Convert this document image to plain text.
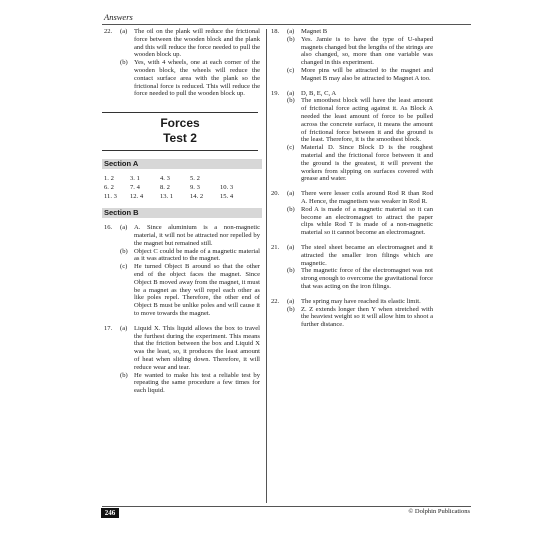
Answers
22.	(a)	The oil on the plank will reduce the frictional force between the wooden block and the plank and this will reduce the force needed to pull the wooden block up.
(b) Yes, with 4 wheels, one at each corner of the wooden block, the wheels will reduce the contact surface area with the plank so the frictional force is reduced. This will reduce the force needed to pull the wooden block up.
Forces
Test 2
Section A
1. 2	3. 1	4. 3	5. 2
6. 2	7. 4	8. 2	9. 3	10. 3
11. 3	12. 4	13. 1	14. 2	15. 4
Section B
16.	(a)	A. Since aluminium is a non-magnetic material, it will not be attracted nor repelled by the magnet but remained still.
(b) Object C could be made of a magnetic material as it was attracted to the magnet.
(c)	He turned Object B around so that the other end of the object faces the magnet. Since Object B moved away from the magnet, it must be a magnet as they will repel each other as like poles repel. Therefore, the other end of Object B must be unlike poles and will cause it to move towards the magnet.
17.	(a)	Liquid X. This liquid allows the box to travel the furthest during the experiment. This means that the friction between the box and Liquid X was the least, so, it produces the least amount of heat when sliding down. Therefore, it will reduce wear and tear.
(b) He wanted to make his test a reliable test by repeating the same procedure a few times for each liquid.
18.	(a)	Magnet B
(b) Yes. Jamie is to have the type of U-shaped magnets changed but the lengths of the strings are also changed, so, more than one variable was changed in this experiment.
(c)	More pins will be attracted to the magnet and Magnet B may also be attracted to Magnet A too.
19.	(a)	D, B, E, C, A
(b) The smoothest block will have the least amount of frictional force acting against it. As Block A needed the least amount of force to be pulled across the concrete surface, it means the amount of frictional force between it and the ground is the least. Therefore, it is the smoothest block.
(c)	Material D. Since Block D is the roughest material and the frictional force between it and the ground is the greatest, it will prevent the workers from slipping on surfaces covered with grease and water.
20.	(a)	There were lesser coils around Rod R than Rod A. Hence, the magnetism was weaker in Rod R.
(b) Rod A is made of a magnetic material so it can become an electromagnet to attract the paper clips while Rod T is made of a non-magnetic material so it cannot become an electromagnet.
21.	(a)	The steel sheet became an electromagnet and it attracted the smaller iron filings which are magnetic.
(b) The magnetic force of the electromagnet was not strong enough to overcome the gravitational force that was acting on the iron filings.
22.	(a)	The spring may have reached its elastic limit.
(b) Z. Z extends longer then Y when stretched with the heaviest weight so it will allow him to shoot a further distance.
246	© Dolphin Publications
